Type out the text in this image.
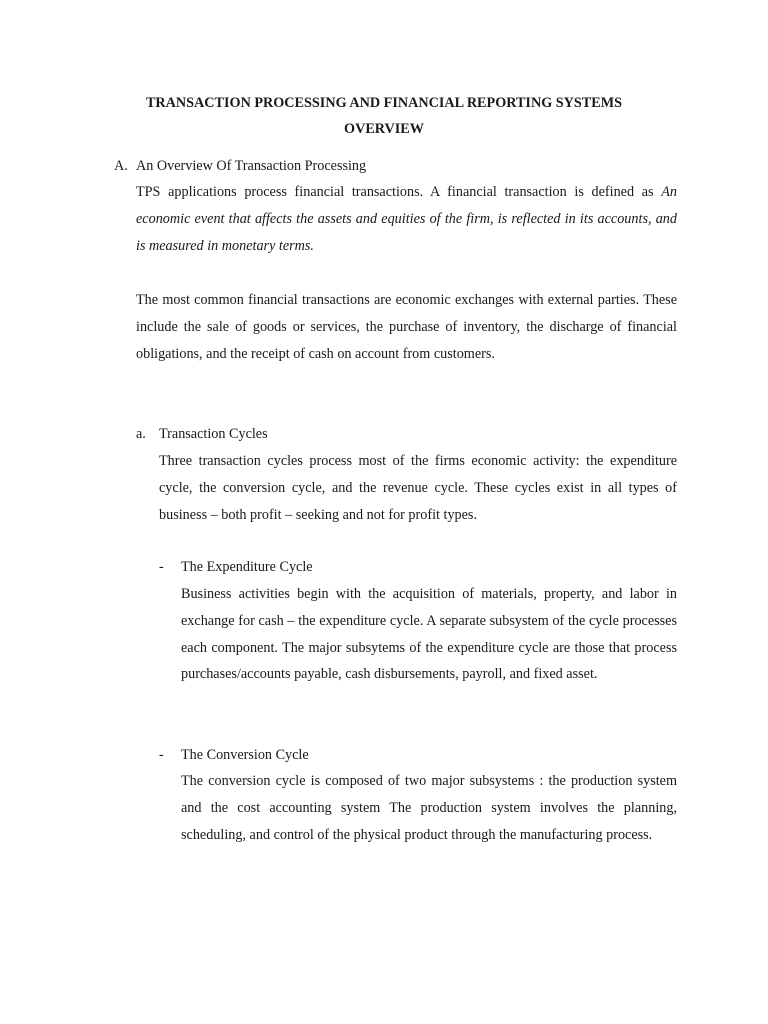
TRANSACTION PROCESSING AND FINANCIAL REPORTING SYSTEMS
OVERVIEW
A. An Overview Of Transaction Processing
TPS applications process financial transactions. A financial transaction is defined as An economic event that affects the assets and equities of the firm, is reflected in its accounts, and is measured in monetary terms.
The most common financial transactions are economic exchanges with external parties. These include the sale of goods or services, the purchase of inventory, the discharge of financial obligations, and the receipt of cash on account from customers.
a. Transaction Cycles
Three transaction cycles process most of the firms economic activity: the expenditure cycle, the conversion cycle, and the revenue cycle. These cycles exist in all types of business – both profit – seeking and not for profit types.
- The Expenditure Cycle
Business activities begin with the acquisition of materials, property, and labor in exchange for cash – the expenditure cycle. A separate subsystem of the cycle processes each component. The major subsytems of the expenditure cycle are those that process purchases/accounts payable, cash disbursements, payroll, and fixed asset.
- The Conversion Cycle
The conversion cycle is composed of two major subsystems : the production system and the cost accounting system The production system involves the planning, scheduling, and control of the physical product through the manufacturing process.
